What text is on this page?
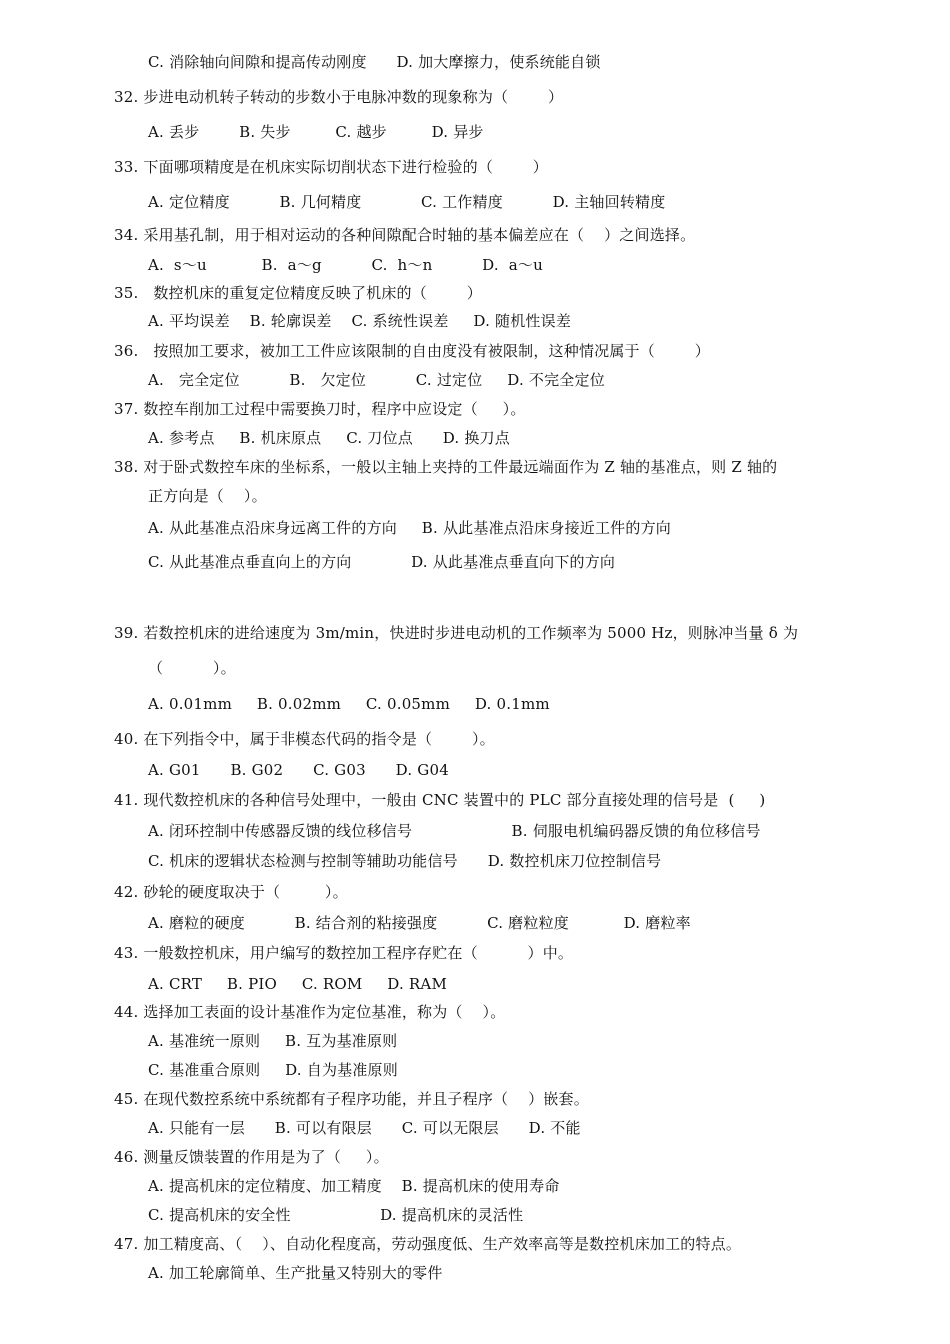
C. 消除轴向间隙和提高传动刚度      D. 加大摩擦力，使系统能自锁
32. 步进电动机转子转动的步数小于电脉冲数的现象称为（        ）
A. 丢步        B. 失步         C. 越步         D. 异步
33. 下面哪项精度是在机床实际切削状态下进行检验的（        ）
A. 定位精度          B. 几何精度            C. 工作精度          D. 主轴回转精度
34. 采用基孔制，用于相对运动的各种间隙配合时轴的基本偏差应在（    ）之间选择。
A.  s～u           B.  a～g          C.  h～n          D.  a～u
35.   数控机床的重复定位精度反映了机床的（        ）
A. 平均误差    B. 轮廓误差    C. 系统性误差     D. 随机性误差
36.   按照加工要求，被加工工件应该限制的自由度没有被限制，这种情况属于（        ）
A.   完全定位          B.   欠定位          C. 过定位     D. 不完全定位
37. 数控车削加工过程中需要换刀时，程序中应设定（     ）。
A. 参考点     B. 机床原点     C. 刀位点      D. 换刀点
38. 对于卧式数控车床的坐标系，一般以主轴上夹持的工件最远端面作为 Z 轴的基准点，则 Z 轴的
正方向是（    ）。
A. 从此基准点沿床身远离工件的方向     B. 从此基准点沿床身接近工件的方向
C. 从此基准点垂直向上的方向            D. 从此基准点垂直向下的方向
39. 若数控机床的进给速度为 3m/min，快进时步进电动机的工作频率为 5000 Hz，则脉冲当量 δ 为
（          ）。
A. 0.01mm     B. 0.02mm     C. 0.05mm     D. 0.1mm
40. 在下列指令中，属于非模态代码的指令是（        ）。
A. G01      B. G02      C. G03      D. G04
41. 现代数控机床的各种信号处理中，一般由 CNC 装置中的 PLC 部分直接处理的信号是  (     )
A. 闭环控制中传感器反馈的线位移信号                    B. 伺服电机编码器反馈的角位移信号
C. 机床的逻辑状态检测与控制等辅助功能信号      D. 数控机床刀位控制信号
42. 砂轮的硬度取决于（         ）。
A. 磨粒的硬度          B. 结合剂的粘接强度          C. 磨粒粒度           D. 磨粒率
43. 一般数控机床，用户编写的数控加工程序存贮在（          ）中。
A. CRT     B. PIO     C. ROM     D. RAM
44. 选择加工表面的设计基准作为定位基准，称为（    ）。
A. 基准统一原则     B. 互为基准原则
C. 基准重合原则     D. 自为基准原则
45. 在现代数控系统中系统都有子程序功能，并且子程序（    ）嵌套。
A. 只能有一层      B. 可以有限层      C. 可以无限层      D. 不能
46. 测量反馈装置的作用是为了（     ）。
A. 提高机床的定位精度、加工精度    B. 提高机床的使用寿命
C. 提高机床的安全性                  D. 提高机床的灵活性
47. 加工精度高、（    ）、自动化程度高，劳动强度低、生产效率高等是数控机床加工的特点。
A. 加工轮廓简单、生产批量又特别大的零件
